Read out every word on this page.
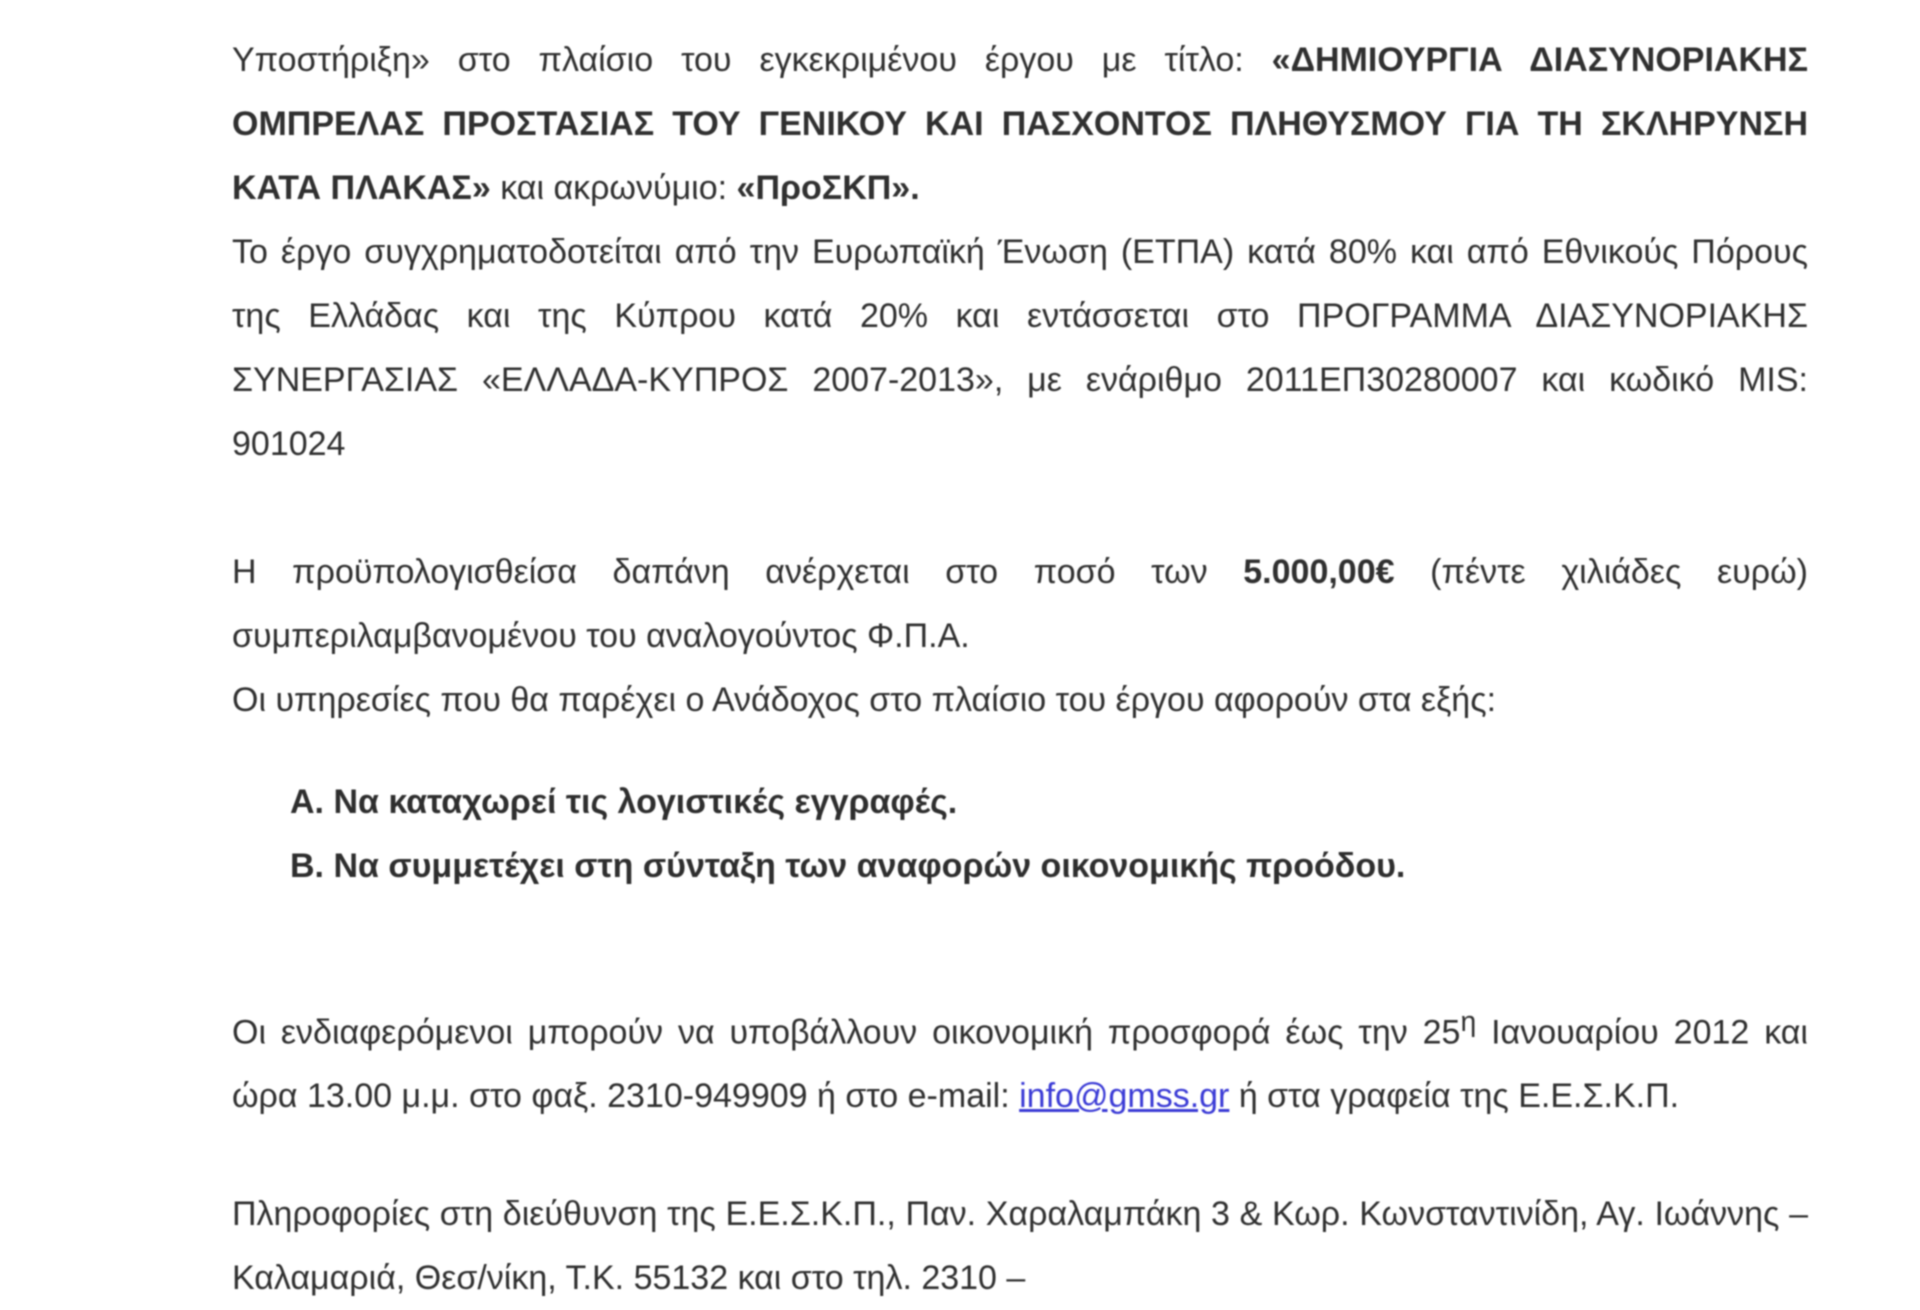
Υποστήριξη» στο πλαίσιο του εγκεκριμένου έργου με τίτλο: «ΔΗΜΙΟΥΡΓΙΑ ΔΙΑΣΥΝΟΡΙΑΚΗΣ ΟΜΠΡΕΛΑΣ ΠΡΟΣΤΑΣΙΑΣ ΤΟΥ ΓΕΝΙΚΟΥ ΚΑΙ ΠΑΣΧΟΝΤΟΣ ΠΛΗΘΥΣΜΟΥ ΓΙΑ ΤΗ ΣΚΛΗΡΥΝΣΗ ΚΑΤΑ ΠΛΑΚΑΣ» και ακρωνύμιο: «ΠροΣΚΠ».

Το έργο συγχρηματοδοτείται από την Ευρωπαϊκή Ένωση (ΕΤΠΑ) κατά 80% και από Εθνικούς Πόρους της Ελλάδας και της Κύπρου κατά 20% και εντάσσεται στο ΠΡΟΓΡΑΜΜΑ ΔΙΑΣΥΝΟΡΙΑΚΗΣ ΣΥΝΕΡΓΑΣΙΑΣ «ΕΛΛΑΔΑ-ΚΥΠΡΟΣ 2007-2013», με ενάριθμο 2011ΕΠ30280007 και κωδικό MIS: 901024

Η προϋπολογισθείσα δαπάνη ανέρχεται στο ποσό των 5.000,00€ (πέντε χιλιάδες ευρώ) συμπεριλαμβανομένου του αναλογούντος Φ.Π.Α.

Οι υπηρεσίες που θα παρέχει ο Ανάδοχος στο πλαίσιο του έργου αφορούν στα εξής:

Α. Να καταχωρεί τις λογιστικές εγγραφές.
Β. Να συμμετέχει στη σύνταξη των αναφορών οικονομικής προόδου.

Οι ενδιαφερόμενοι μπορούν να υποβάλλουν οικονομική προσφορά έως την $25^\eta$ Ιανουαρίου 2012 και ώρα 13.00 μ.μ. στο φαξ. 2310-949909 ή στο e-mail: info@gmss.gr ή στα γραφεία της Ε.Ε.Σ.Κ.Π.

Πληροφορίες στη διεύθυνση της Ε.Ε.Σ.Κ.Π., Παν. Χαραλαμπάκη 3 & Κωρ. Κωνσταντινίδη, Αγ. Ιωάννης – Καλαμαριά, Θεσ/νίκη, Τ.Κ. 55132 και στο τηλ. 2310 –
